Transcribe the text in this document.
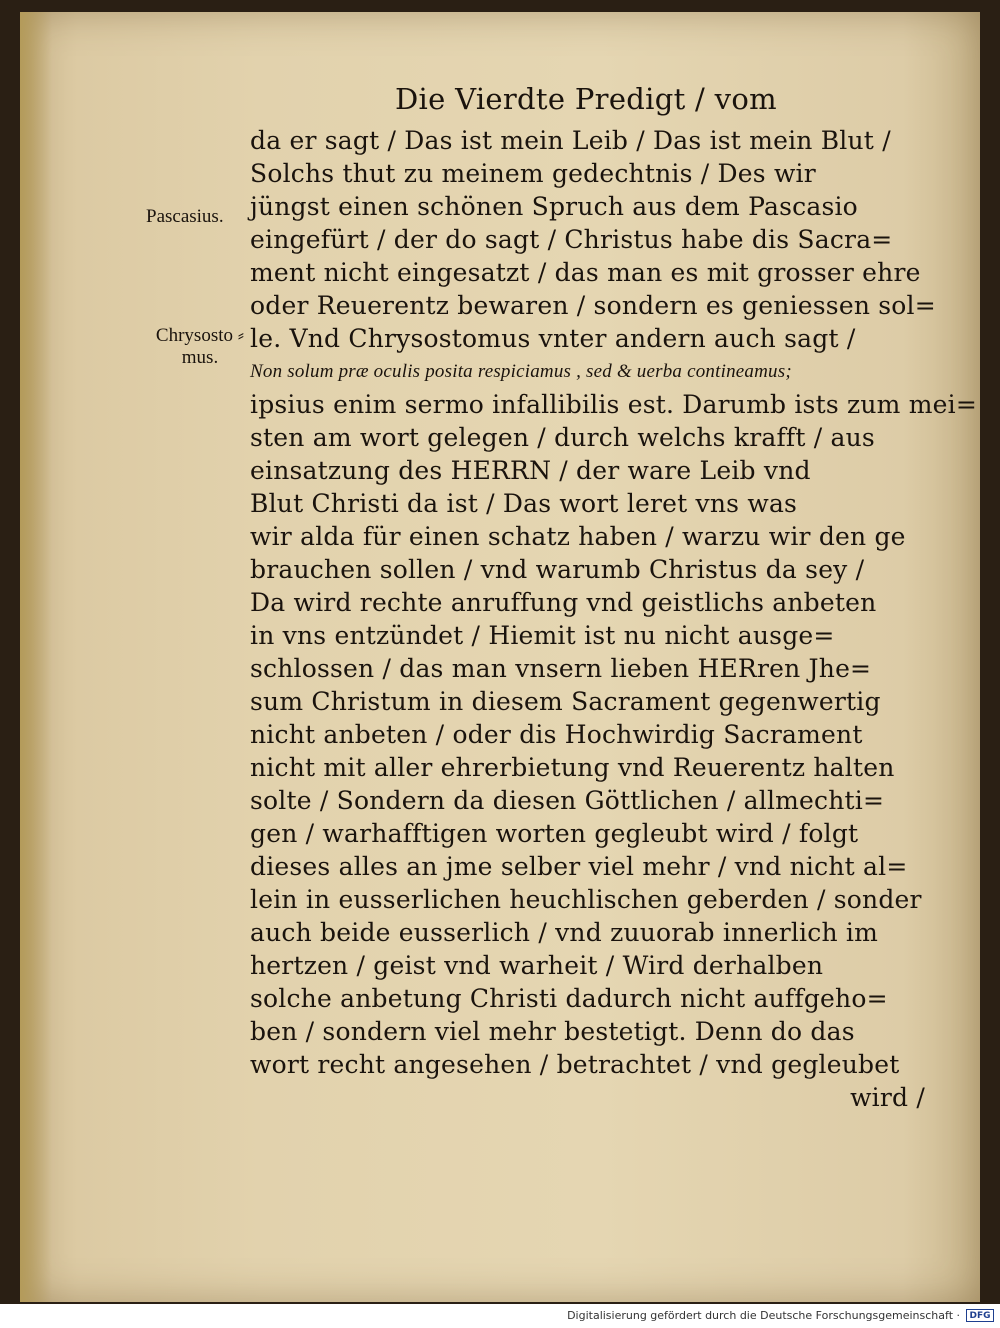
Die Vierdte Predigt / vom
Pascasius.
Chrysosto ⸗
mus.
da er sagt / Das ist mein Leib / Das ist mein Blut /
Solchs thut zu meinem gedechtnis / Des wir
jüngst einen schönen Spruch aus dem Pascasio
eingefürt / der do sagt / Christus habe dis Sacra=
ment nicht eingesatzt / das man es mit grosser ehre
oder Reuerentz bewaren / sondern es geniessen sol=
le. Vnd Chrysostomus vnter andern auch sagt /
Non solum præ oculis posita respiciamus , sed & uerba contineamus;
ipsius enim sermo infallibilis est. Darumb ists zum mei=
sten am wort gelegen / durch welchs krafft / aus
einsatzung des HERRN / der ware Leib vnd
Blut Christi da ist / Das wort leret vns was
wir alda für einen schatz haben / warzu wir den ge
brauchen sollen / vnd warumb Christus da sey /
Da wird rechte anruffung vnd geistlichs anbeten
in vns entzündet / Hiemit ist nu nicht ausge=
schlossen / das man vnsern lieben HERren Jhe=
sum Christum in diesem Sacrament gegenwertig
nicht anbeten / oder dis Hochwirdig Sacrament
nicht mit aller ehrerbietung vnd Reuerentz halten
solte / Sondern da diesen Göttlichen / allmechti=
gen / warhafftigen worten gegleubt wird / folgt
dieses alles an jme selber viel mehr / vnd nicht al=
lein in eusserlichen heuchlischen geberden / sonder
auch beide eusserlich / vnd zuuorab innerlich im
hertzen / geist vnd warheit / Wird derhalben
solche anbetung Christi dadurch nicht auffgeho=
ben / sondern viel mehr bestetigt. Denn do das
wort recht angesehen / betrachtet / vnd gegleubet
wird /
Digitalisierung gefördert durch die Deutsche Forschungsgemeinschaft ·	DFG
